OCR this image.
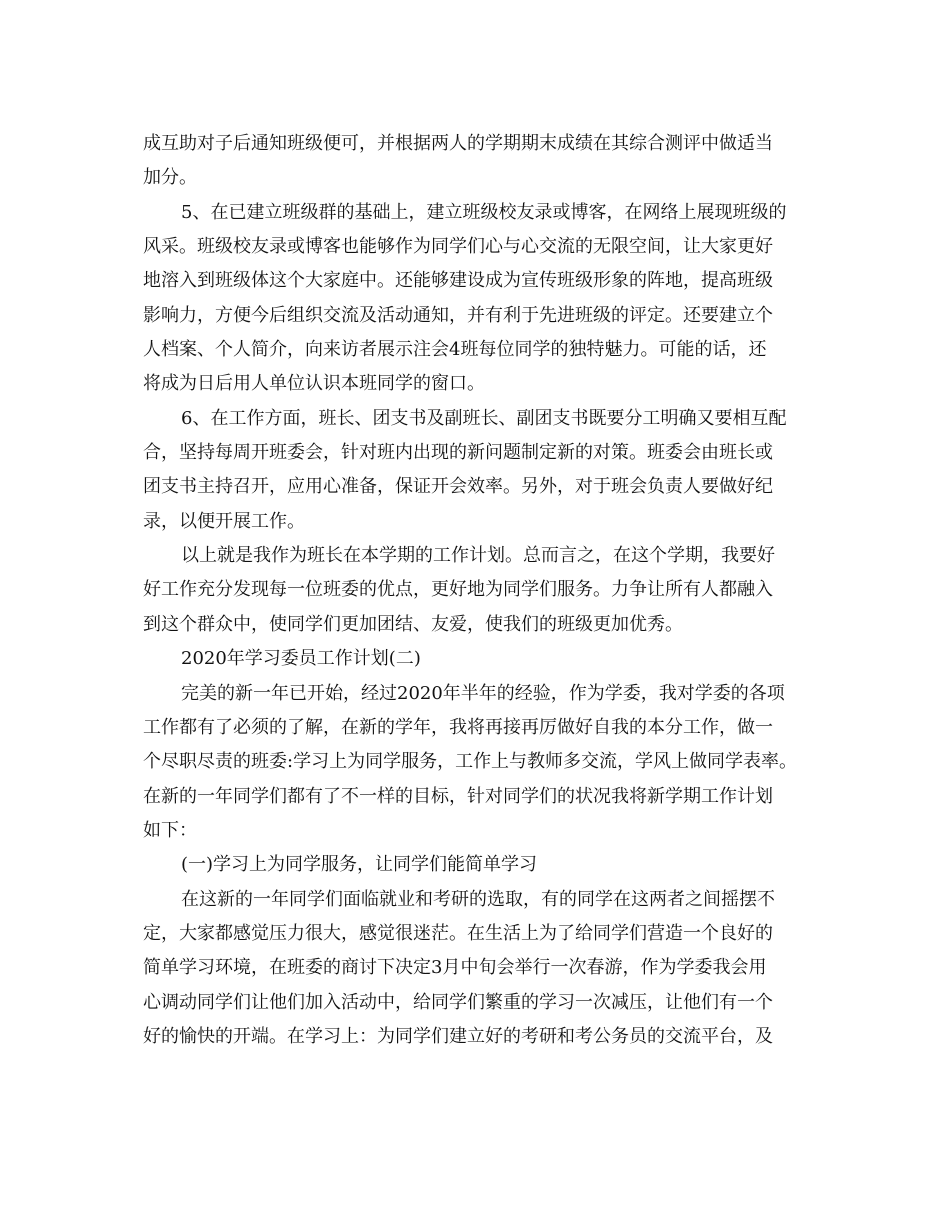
成互助对子后通知班级便可，并根据两人的学期期末成绩在其综合测评中做适当
加分。
5、在已建立班级群的基础上，建立班级校友录或博客，在网络上展现班级的
风采。班级校友录或博客也能够作为同学们心与心交流的无限空间，让大家更好
地溶入到班级体这个大家庭中。还能够建设成为宣传班级形象的阵地，提高班级
影响力，方便今后组织交流及活动通知，并有利于先进班级的评定。还要建立个
人档案、个人简介，向来访者展示注会4班每位同学的独特魅力。可能的话，还
将成为日后用人单位认识本班同学的窗口。
6、在工作方面，班长、团支书及副班长、副团支书既要分工明确又要相互配
合，坚持每周开班委会，针对班内出现的新问题制定新的对策。班委会由班长或
团支书主持召开，应用心准备，保证开会效率。另外，对于班会负责人要做好纪
录，以便开展工作。
以上就是我作为班长在本学期的工作计划。总而言之，在这个学期，我要好
好工作充分发现每一位班委的优点，更好地为同学们服务。力争让所有人都融入
到这个群众中，使同学们更加团结、友爱，使我们的班级更加优秀。
2020年学习委员工作计划(二)
完美的新一年已开始，经过2020年半年的经验，作为学委，我对学委的各项
工作都有了必须的了解，在新的学年，我将再接再厉做好自我的本分工作，做一
个尽职尽责的班委:学习上为同学服务，工作上与教师多交流，学风上做同学表率。
在新的一年同学们都有了不一样的目标，针对同学们的状况我将新学期工作计划
如下：
(一)学习上为同学服务，让同学们能简单学习
在这新的一年同学们面临就业和考研的选取，有的同学在这两者之间摇摆不
定，大家都感觉压力很大，感觉很迷茫。在生活上为了给同学们营造一个良好的
简单学习环境，在班委的商讨下决定3月中旬会举行一次春游，作为学委我会用
心调动同学们让他们加入活动中，给同学们繁重的学习一次减压，让他们有一个
好的愉快的开端。在学习上：为同学们建立好的考研和考公务员的交流平台，及
